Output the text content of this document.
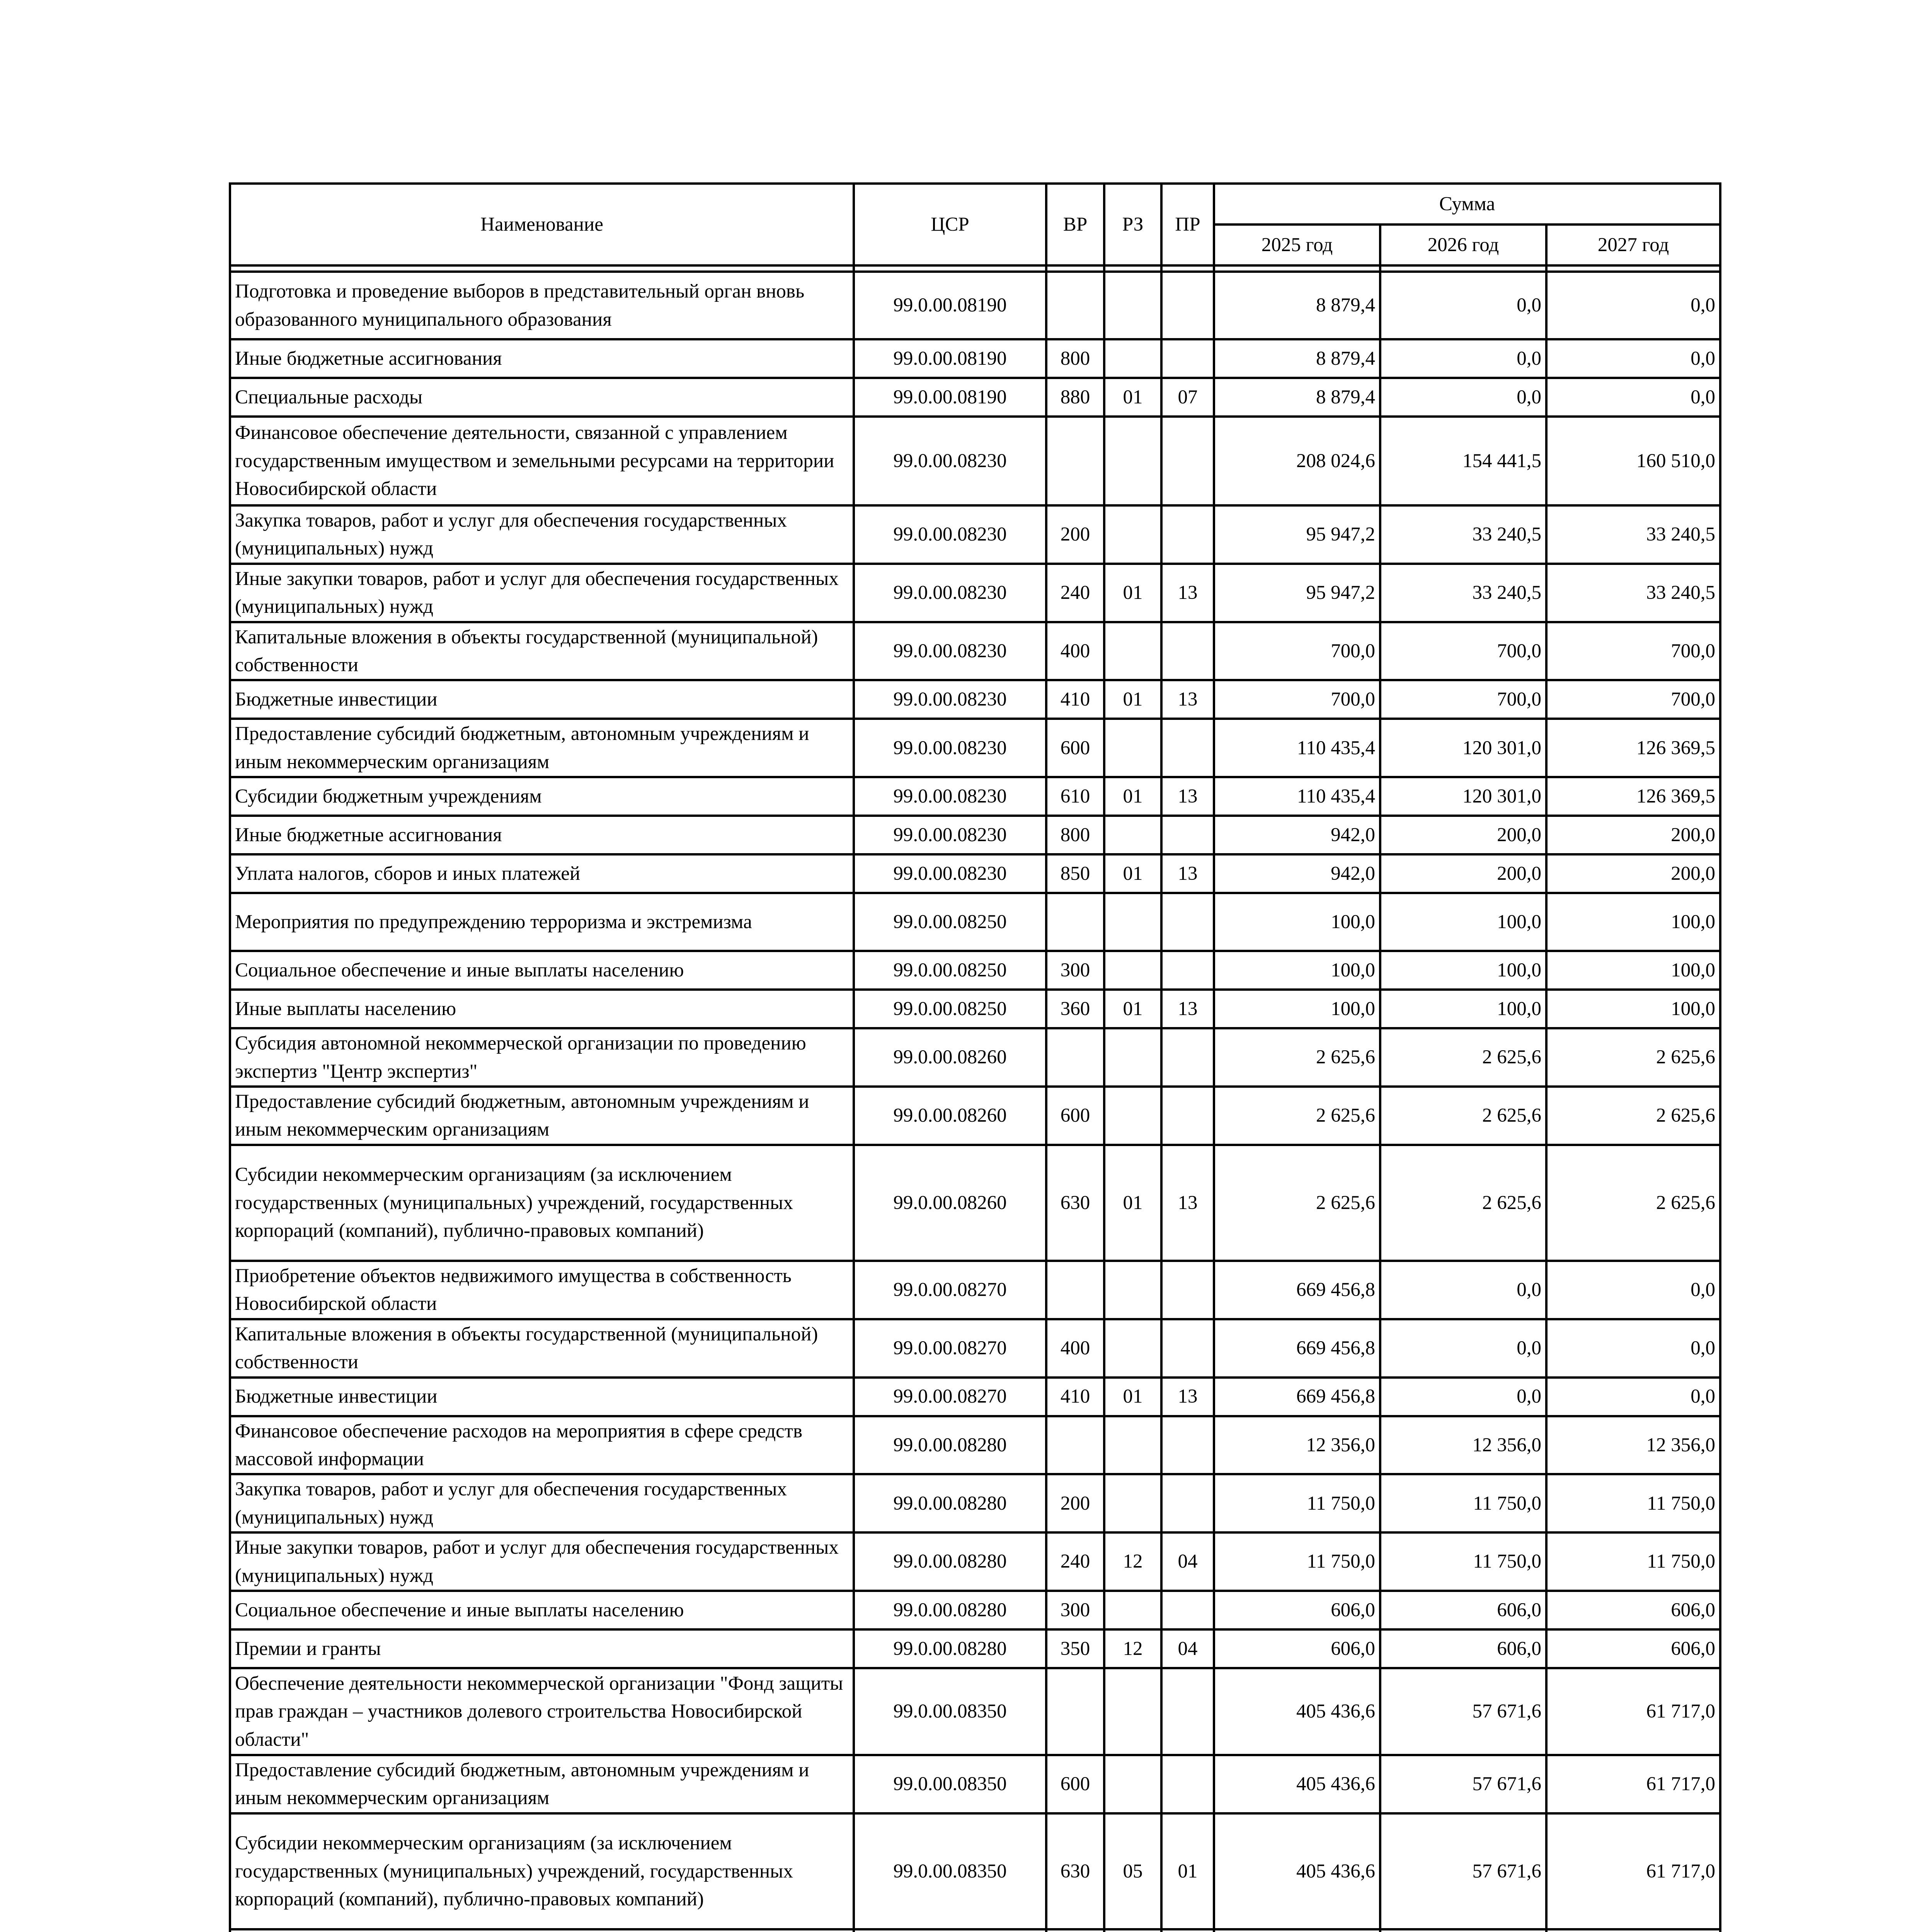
Наименование	ЦСР	ВР	РЗ	ПР	Сумма		
					2025 год	2026 год	2027 год

Подготовка и проведение выборов в представительный орган вновь образованного муниципального образования	99.0.00.08190				8 879,4	0,0	0,0
Иные бюджетные ассигнования	99.0.00.08190	800			8 879,4	0,0	0,0
Специальные расходы	99.0.00.08190	880	01	07	8 879,4	0,0	0,0
Финансовое обеспечение деятельности, связанной с управлением государственным имуществом и земельными ресурсами на территории Новосибирской области	99.0.00.08230				208 024,6	154 441,5	160 510,0
Закупка товаров, работ и услуг для обеспечения государственных (муниципальных) нужд	99.0.00.08230	200			95 947,2	33 240,5	33 240,5
Иные закупки товаров, работ и услуг для обеспечения государственных (муниципальных) нужд	99.0.00.08230	240	01	13	95 947,2	33 240,5	33 240,5
Капитальные вложения в объекты государственной (муниципальной) собственности	99.0.00.08230	400			700,0	700,0	700,0
Бюджетные инвестиции	99.0.00.08230	410	01	13	700,0	700,0	700,0
Предоставление субсидий бюджетным, автономным учреждениям и иным некоммерческим организациям	99.0.00.08230	600			110 435,4	120 301,0	126 369,5
Субсидии бюджетным учреждениям	99.0.00.08230	610	01	13	110 435,4	120 301,0	126 369,5
Иные бюджетные ассигнования	99.0.00.08230	800			942,0	200,0	200,0
Уплата налогов, сборов и иных платежей	99.0.00.08230	850	01	13	942,0	200,0	200,0
Мероприятия по предупреждению терроризма и экстремизма	99.0.00.08250				100,0	100,0	100,0
Социальное обеспечение и иные выплаты населению	99.0.00.08250	300			100,0	100,0	100,0
Иные выплаты населению	99.0.00.08250	360	01	13	100,0	100,0	100,0
Субсидия автономной некоммерческой организации по проведению экспертиз "Центр экспертиз"	99.0.00.08260				2 625,6	2 625,6	2 625,6
Предоставление субсидий бюджетным, автономным учреждениям и иным некоммерческим организациям	99.0.00.08260	600			2 625,6	2 625,6	2 625,6
Субсидии некоммерческим организациям (за исключением государственных (муниципальных) учреждений, государственных корпораций (компаний), публично-правовых компаний)	99.0.00.08260	630	01	13	2 625,6	2 625,6	2 625,6
Приобретение объектов недвижимого имущества в собственность Новосибирской области	99.0.00.08270				669 456,8	0,0	0,0
Капитальные вложения в объекты государственной (муниципальной) собственности	99.0.00.08270	400			669 456,8	0,0	0,0
Бюджетные инвестиции	99.0.00.08270	410	01	13	669 456,8	0,0	0,0
Финансовое обеспечение расходов на мероприятия в сфере средств массовой информации	99.0.00.08280				12 356,0	12 356,0	12 356,0
Закупка товаров, работ и услуг для обеспечения государственных (муниципальных) нужд	99.0.00.08280	200			11 750,0	11 750,0	11 750,0
Иные закупки товаров, работ и услуг для обеспечения государственных (муниципальных) нужд	99.0.00.08280	240	12	04	11 750,0	11 750,0	11 750,0
Социальное обеспечение и иные выплаты населению	99.0.00.08280	300			606,0	606,0	606,0
Премии и гранты	99.0.00.08280	350	12	04	606,0	606,0	606,0
Обеспечение деятельности некоммерческой организации "Фонд защиты прав граждан – участников долевого строительства Новосибирской области"	99.0.00.08350				405 436,6	57 671,6	61 717,0
Предоставление субсидий бюджетным, автономным учреждениям и иным некоммерческим организациям	99.0.00.08350	600			405 436,6	57 671,6	61 717,0
Субсидии некоммерческим организациям (за исключением государственных (муниципальных) учреждений, государственных корпораций (компаний), публично-правовых компаний)	99.0.00.08350	630	05	01	405 436,6	57 671,6	61 717,0
